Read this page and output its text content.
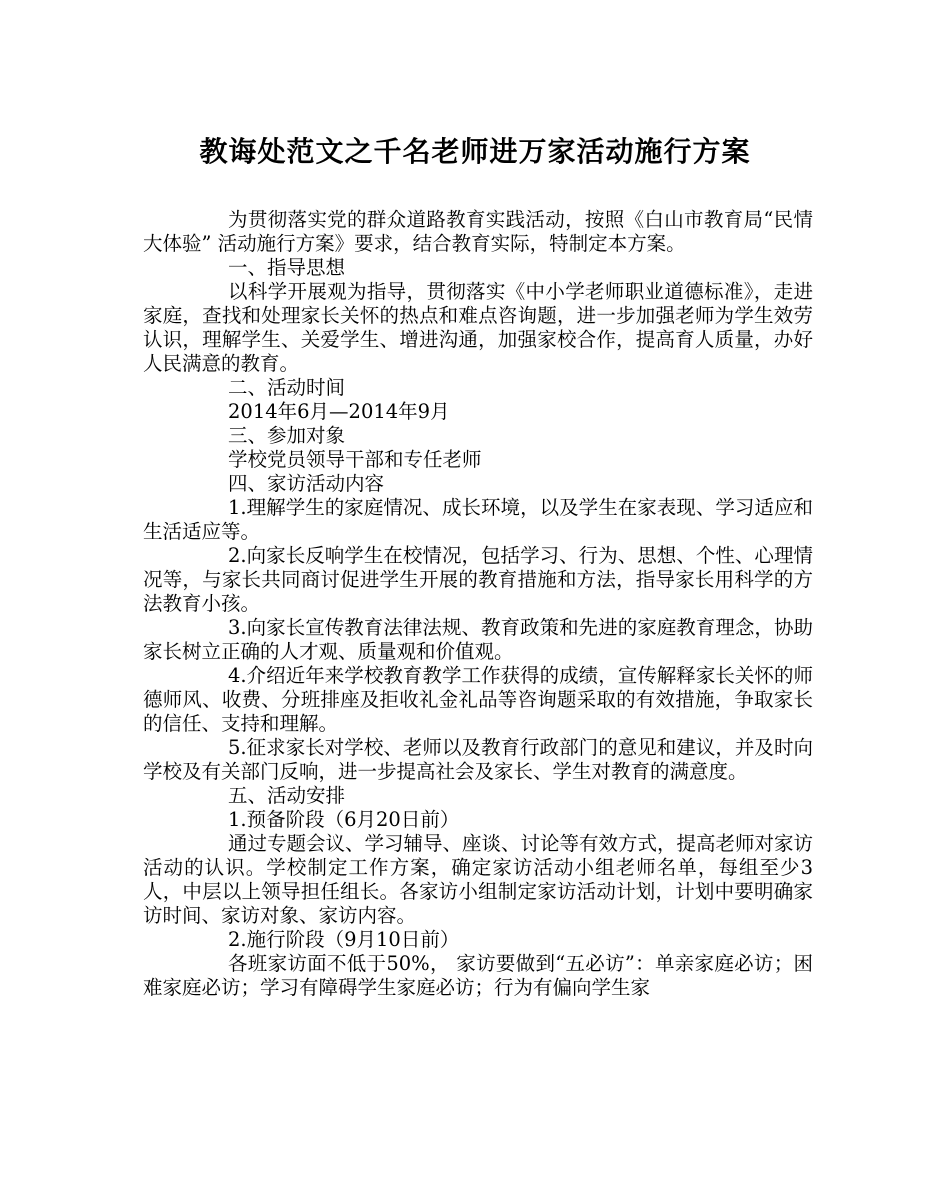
教诲处范文之千名老师进万家活动施行方案

为贯彻落实党的群众道路教育实践活动，按照《白山市教育局“民情大体验” 活动施行方案》要求，结合教育实际，特制定本方案。

一、指导思想

以科学开展观为指导，贯彻落实《中小学老师职业道德标准》，走进家庭，查找和处理家长关怀的热点和难点咨询题，进一步加强老师为学生效劳认识，理解学生、关爱学生、增进沟通，加强家校合作，提高育人质量，办好人民满意的教育。

二、活动时间

2014年6月—2014年9月

三、参加对象

学校党员领导干部和专任老师

四、家访活动内容

1.理解学生的家庭情况、成长环境，以及学生在家表现、学习适应和生活适应等。

2.向家长反响学生在校情况，包括学习、行为、思想、个性、心理情况等，与家长共同商讨促进学生开展的教育措施和方法，指导家长用科学的方法教育小孩。

3.向家长宣传教育法律法规、教育政策和先进的家庭教育理念，协助家长树立正确的人才观、质量观和价值观。

4.介绍近年来学校教育教学工作获得的成绩，宣传解释家长关怀的师德师风、收费、分班排座及拒收礼金礼品等咨询题采取的有效措施，争取家长的信任、支持和理解。

5.征求家长对学校、老师以及教育行政部门的意见和建议，并及时向学校及有关部门反响，进一步提高社会及家长、学生对教育的满意度。

五、活动安排

1.预备阶段（6月20日前）

通过专题会议、学习辅导、座谈、讨论等有效方式，提高老师对家访活动的认识。学校制定工作方案，确定家访活动小组老师名单，每组至少3人，中层以上领导担任组长。各家访小组制定家访活动计划，计划中要明确家访时间、家访对象、家访内容。

2.施行阶段（9月10日前）

各班家访面不低于50%， 家访要做到“五必访”：单亲家庭必访；困难家庭必访；学习有障碍学生家庭必访；行为有偏向学生家
